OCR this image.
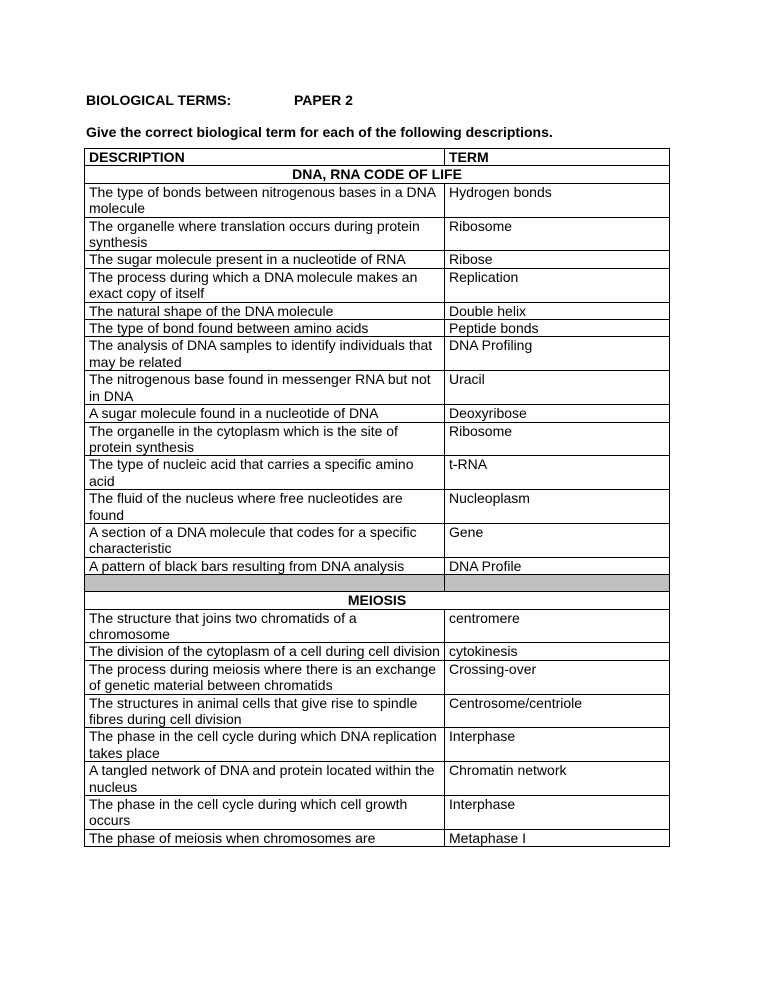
BIOLOGICAL TERMS:	PAPER 2
Give the correct biological term for each of the following descriptions.
DESCRIPTION	TERM
DNA, RNA CODE OF LIFE	
The type of bonds between nitrogenous bases in a DNA molecule	Hydrogen bonds
The organelle where translation occurs during protein synthesis	Ribosome
The sugar molecule present in a nucleotide of RNA	Ribose
The process during which a DNA molecule makes an exact copy of itself	Replication
The natural shape of the DNA molecule	Double helix
The type of bond found between amino acids	Peptide bonds
The analysis of DNA samples to identify individuals that may be related	DNA Profiling
The nitrogenous base found in messenger RNA but not in DNA	Uracil
A sugar molecule found in a nucleotide of DNA	Deoxyribose
The organelle in the cytoplasm which is the site of protein synthesis	Ribosome
The type of nucleic acid that carries a specific amino acid	t-RNA
The fluid of the nucleus where free nucleotides are found	Nucleoplasm
A section of a DNA molecule that codes for a specific characteristic	Gene
A pattern of black bars resulting from DNA analysis	DNA Profile

MEIOSIS	
The structure that joins two chromatids of a chromosome	centromere
The division of the cytoplasm of a cell during cell division	cytokinesis
The process during meiosis where there is an exchange of genetic material between chromatids	Crossing-over
The structures in animal cells that give rise to spindle fibres during cell division	Centrosome/centriole
The phase in the cell cycle during which DNA replication takes place	Interphase
A tangled network of DNA and protein located within the nucleus	Chromatin network
The phase in the cell cycle during which cell growth occurs	Interphase
The phase of meiosis when chromosomes are	Metaphase I
